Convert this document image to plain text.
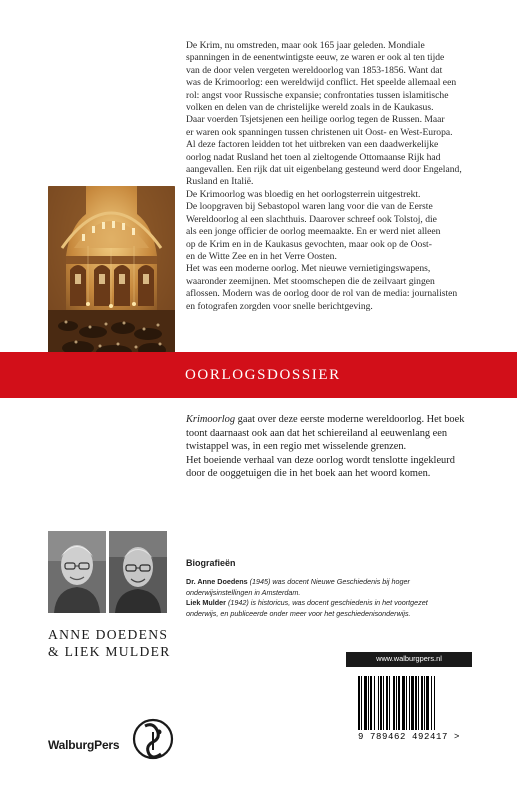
De Krim, nu omstreden, maar ook 165 jaar geleden. Mondiale

spanningen in de eenentwintigste eeuw, ze waren er ook al ten tijde

van de door velen vergeten wereldoorlog van 1853-1856. Want dat

was de Krimoorlog: een wereldwijd conflict. Het speelde allemaal een

rol: angst voor Russische expansie; confrontaties tussen islamitische

volken en delen van de christelijke wereld zoals in de Kaukasus.

Daar voerden Tsjetsjenen een heilige oorlog tegen de Russen. Maar

er waren ook spanningen tussen christenen uit Oost- en West-Europa.

Al deze factoren leidden tot het uitbreken van een daadwerkelijke

oorlog nadat Rusland het toen al zieltogende Ottomaanse Rijk had

aangevallen. Een rijk dat uit eigenbelang gesteund werd door Engeland,

Rusland en Italië.

De Krimoorlog was bloedig en het oorlogsterrein uitgestrekt.

De loopgraven bij Sebastopol waren lang voor die van de Eerste

Wereldoorlog al een slachthuis. Daarover schreef ook Tolstoj, die

als een jonge officier de oorlog meemaakte. En er werd niet alleen

op de Krim en in de Kaukasus gevochten, maar ook op de Oost-

en de Witte Zee en in het Verre Oosten.

Het was een moderne oorlog. Met nieuwe vernietigingswapens,

waaronder zeemijnen. Met stoomschepen die de zeilvaart gingen

aflossen. Modern was de oorlog door de rol van de media: journalisten

en fotografen zorgden voor snelle berichtgeving.

OORLOGSDOSSIER

Krimoorlog gaat over deze eerste moderne wereldoorlog. Het boek

toont daarnaast ook aan dat het schiereiland al eeuwenlang een

twistappel was, in een regio met wisselende grenzen.

Het boeiende verhaal van deze oorlog wordt tenslotte ingekleurd

door de ooggetuigen die in het boek aan het woord komen.

ANNE DOEDENS
& LIEK MULDER
Biografieën

Dr. Anne Doedens (1945) was docent Nieuwe Geschiedenis bij hoger

onderwijsinstellingen in Amsterdam.

Liek Mulder (1942) is historicus, was docent geschiedenis in het voortgezet

onderwijs, en publiceerde onder meer voor het geschiedenisonderwijs.

WalburgPers
www.walburgpers.nl
9 789462 492417 >
